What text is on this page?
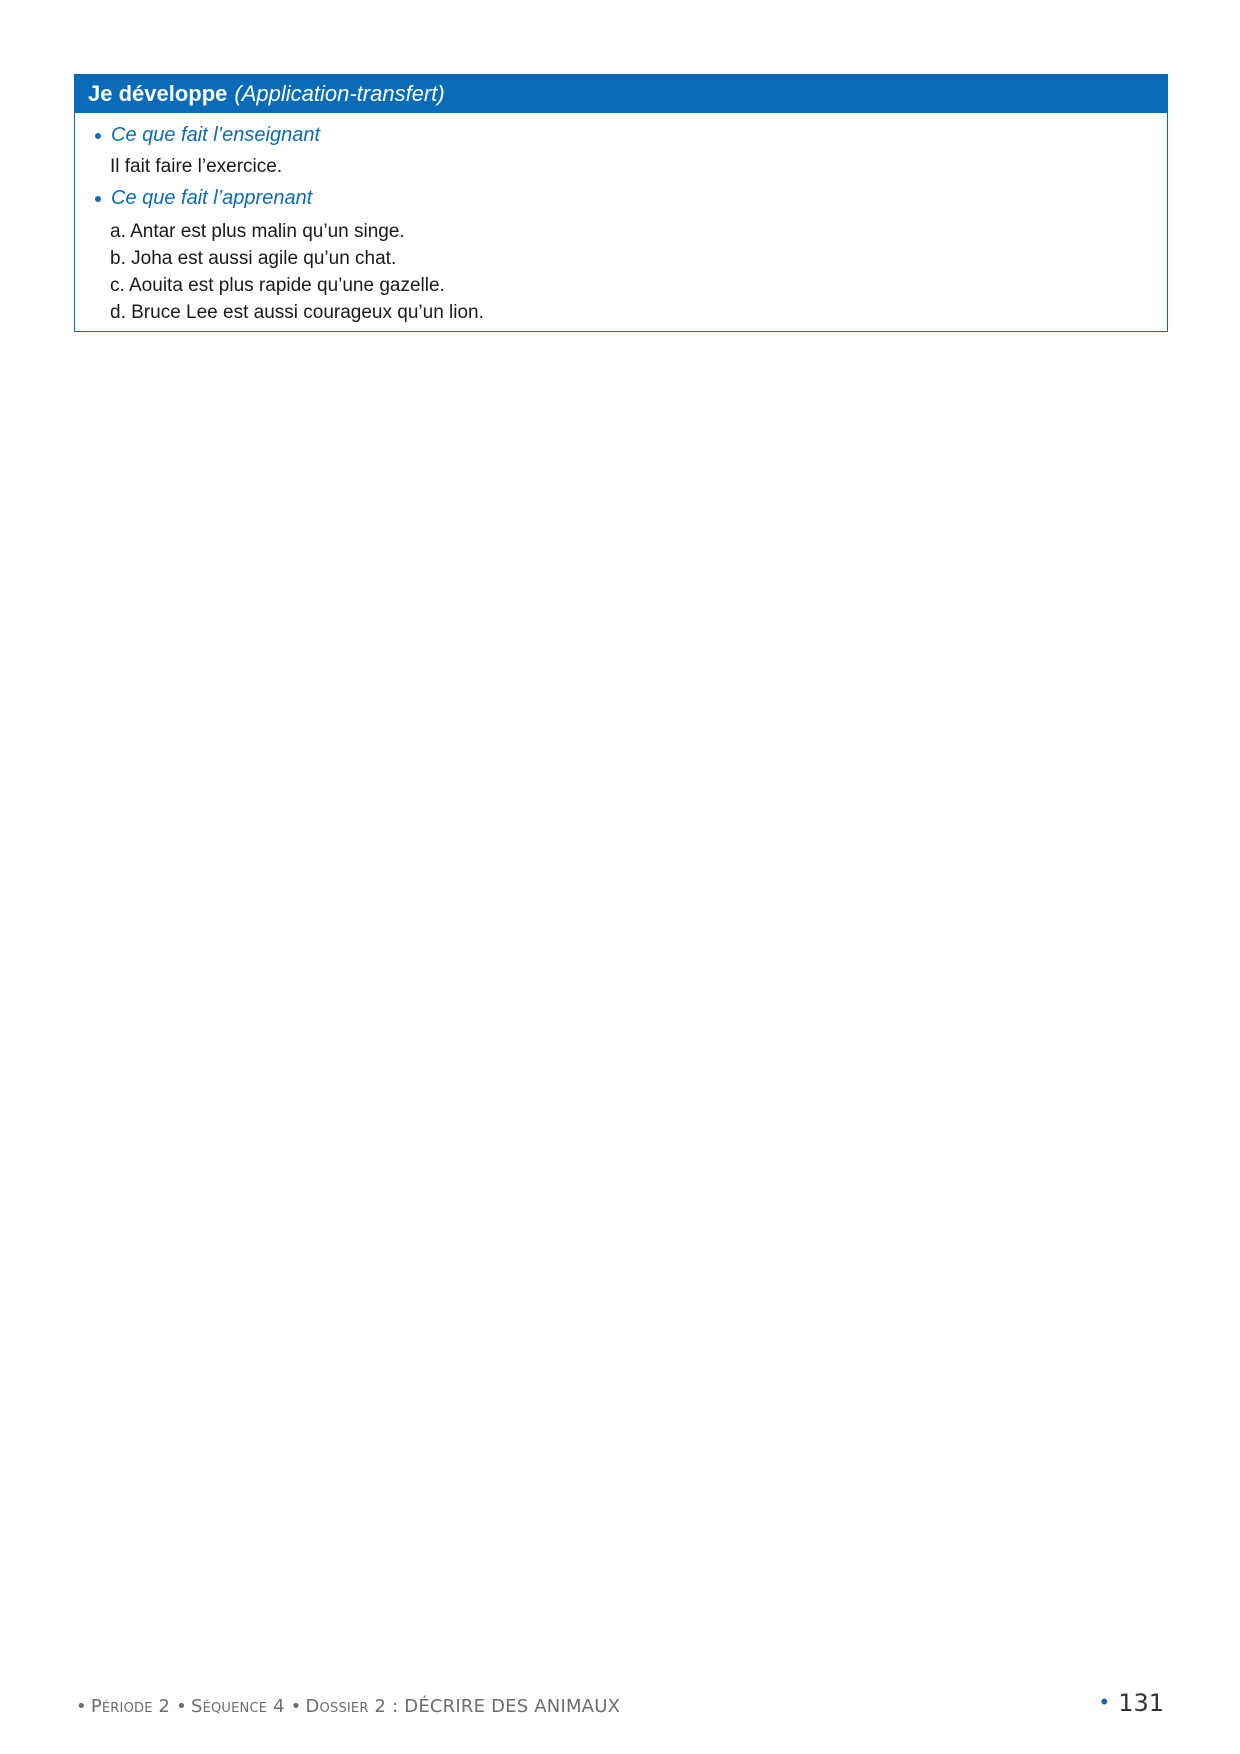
Je développe (Application-transfert)
Ce que fait l’enseignant
Il fait faire l’exercice.
Ce que fait l’apprenant
a. Antar est plus malin qu’un singe.
b. Joha est aussi agile qu’un chat.
c. Aouita est plus rapide qu’une gazelle.
d. Bruce Lee est aussi courageux qu’un lion.
• Période 2 • Séquence 4 • Dossier 2 : DÉCRIRE DES ANIMAUX	• 131
